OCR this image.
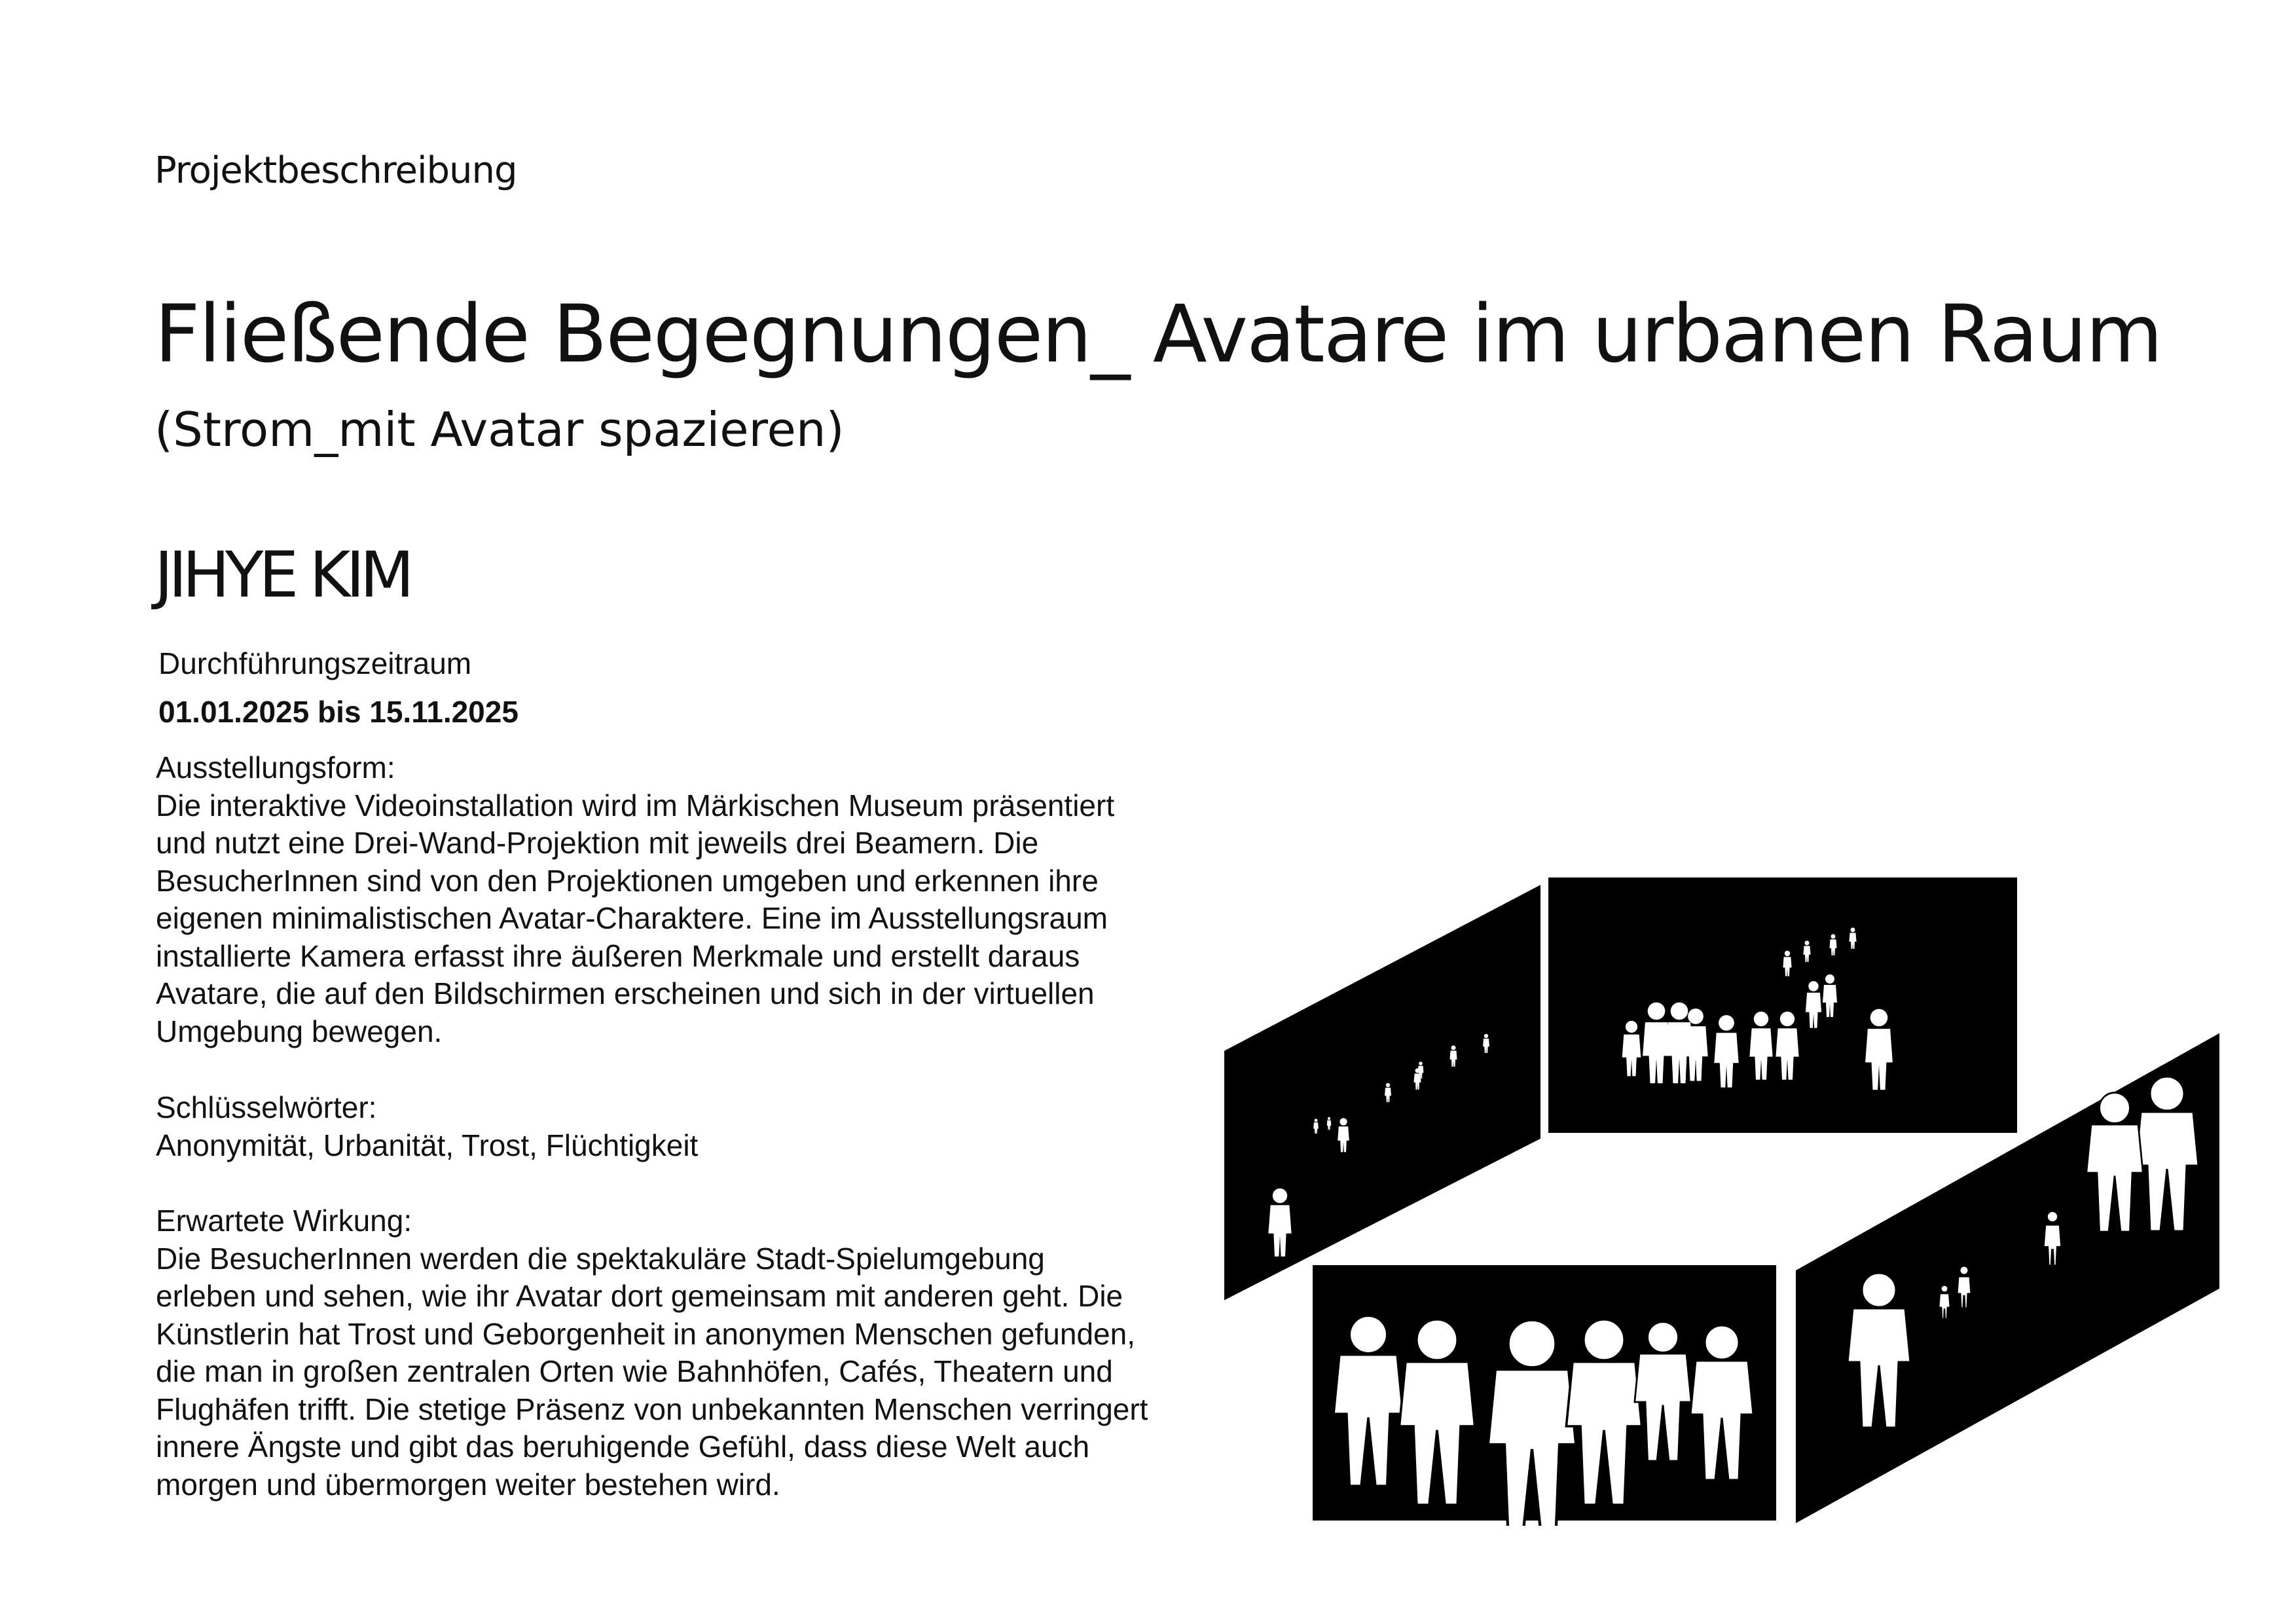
Projektbeschreibung
Fließende Begegnungen_ Avatare im urbanen Raum
(Strom_mit Avatar spazieren)
JIHYE KIM
Durchführungszeitraum
01.01.2025 bis 15.11.2025

Ausstellungsform:

Die interaktive Videoinstallation wird im Märkischen Museum präsentiert

und nutzt eine Drei-Wand-Projektion mit jeweils drei Beamern. Die

BesucherInnen sind von den Projektionen umgeben und erkennen ihre

eigenen minimalistischen Avatar-Charaktere. Eine im Ausstellungsraum

installierte Kamera erfasst ihre äußeren Merkmale und erstellt daraus

Avatare, die auf den Bildschirmen erscheinen und sich in der virtuellen

Umgebung bewegen.

Schlüsselwörter:

Anonymität, Urbanität, Trost, Flüchtigkeit

Erwartete Wirkung:

Die BesucherInnen werden die spektakuläre Stadt-Spielumgebung

erleben und sehen, wie ihr Avatar dort gemeinsam mit anderen geht. Die

Künstlerin hat Trost und Geborgenheit in anonymen Menschen gefunden,

die man in großen zentralen Orten wie Bahnhöfen, Cafés, Theatern und

Flughäfen trifft. Die stetige Präsenz von unbekannten Menschen verringert

innere Ängste und gibt das beruhigende Gefühl, dass diese Welt auch

morgen und übermorgen weiter bestehen wird.
